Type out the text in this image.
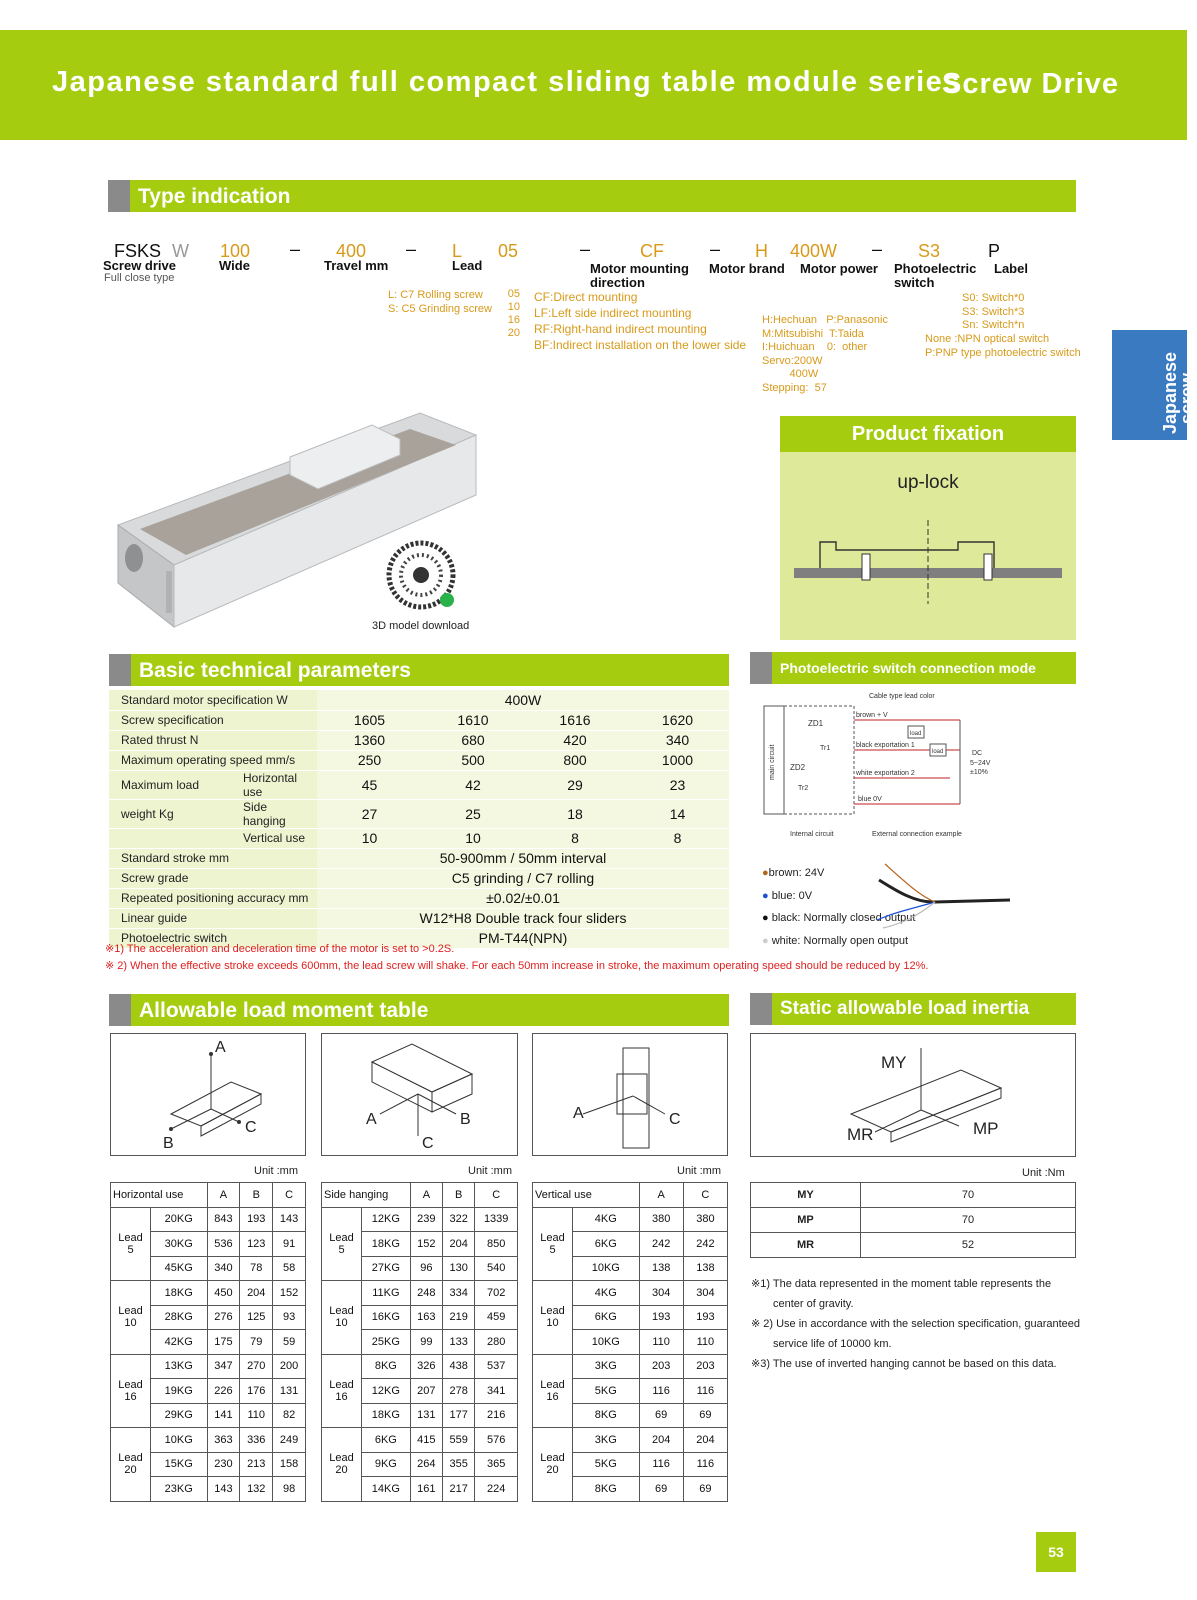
Japanese standard full compact sliding table module series
Screw Drive
Japanese
screw
Type indication
FSKS W 100 – 400 – L 05	–	CF	– H 400W – S3	P
Screw drive
Full close type
Wide	Travel mm	Lead	Motor mounting direction
Motor brand Motor power Photoelectric switch
Label
L: C7 Rolling screw
S: C5 Grinding screw
05
10
16
20
CF:Direct mounting
LF:Left side indirect mounting
RF:Right-hand indirect mounting
BF:Indirect installation on the lower side

H:Hechuan   P:Panasonic
M:Mitsubishi  T:Taida
I:Huichuan    0:  other
Servo:200W
400W
Stepping:  57

S0: Switch*0
S3: Switch*3
Sn: Switch*n
None :NPN optical switch
P:PNP type photoelectric switch
3D model download
Product fixation
up-lock
Basic technical parameters
Standard motor specification W		400W			
Screw specification		1605	1610	1616	1620
Rated thrust N		1360	680	420	340
Maximum operating speed mm/s		250	500	800	1000
Maximum load	Horizontal use	45	42	29	23
weight Kg	Side hanging	27	25	18	14
	Vertical use	10	10	8	8
Standard stroke mm		50-900mm / 50mm interval			
Screw grade		C5 grinding / C7 rolling			
Repeated positioning accuracy mm		±0.02/±0.01			
Linear guide		W12*H8 Double track four sliders			
Photoelectric switch		PM-T44(NPN)			
Photoelectric switch connection mode
main circuit
Cable type lead color
brown + V
black exportation 1
white exportation 2
blue 0V
ZD1
ZD2
Tr1
Tr2
load
load	DC
5~24V
±10%
Internal circuit	External connection example
●brown: 24V
● blue: 0V
● black: Normally closed output
● white: Normally open output
※1) The acceleration and deceleration time of the motor is set to >0.2S.
※ 2) When the effective stroke exceeds 600mm, the lead screw will shake. For each 50mm increase in stroke, the maximum operating speed should be reduced by 12%.
Allowable load moment table
A
B
C	A	B
C
A	C
Unit :mm	Unit :mm	Unit :mm
Horizontal use		A	B	C
Lead
5	20KG	843	193	143
	30KG	536	123	91
	45KG	340	78	58
Lead
10	18KG	450	204	152
	28KG	276	125	93
	42KG	175	79	59
Lead
16	13KG	347	270	200
	19KG	226	176	131
	29KG	141	110	82
Lead
20	10KG	363	336	249
	15KG	230	213	158
	23KG	143	132	98
Side hanging		A	B	C
Lead
5	12KG	239	322	1339
	18KG	152	204	850
	27KG	96	130	540
Lead
10	11KG	248	334	702
	16KG	163	219	459
	25KG	99	133	280
Lead
16	8KG	326	438	537
	12KG	207	278	341
	18KG	131	177	216
Lead
20	6KG	415	559	576
	9KG	264	355	365
	14KG	161	217	224
Vertical use		A	C
Lead
5	4KG	380	380
	6KG	242	242
	10KG	138	138
Lead
10	4KG	304	304
	6KG	193	193
	10KG	110	110
Lead
16	3KG	203	203
	5KG	116	116
	8KG	69	69
Lead
20	3KG	204	204
	5KG	116	116
	8KG	69	69
Static allowable load inertia
MY
MR	MP
Unit :Nm
MY	70
MP	70
MR	52
※1) The data represented in the moment table represents the
center of gravity.
※ 2) Use in accordance with the selection specification, guaranteed
service life of 10000 km.
※3) The use of inverted hanging cannot be based on this data.
53
